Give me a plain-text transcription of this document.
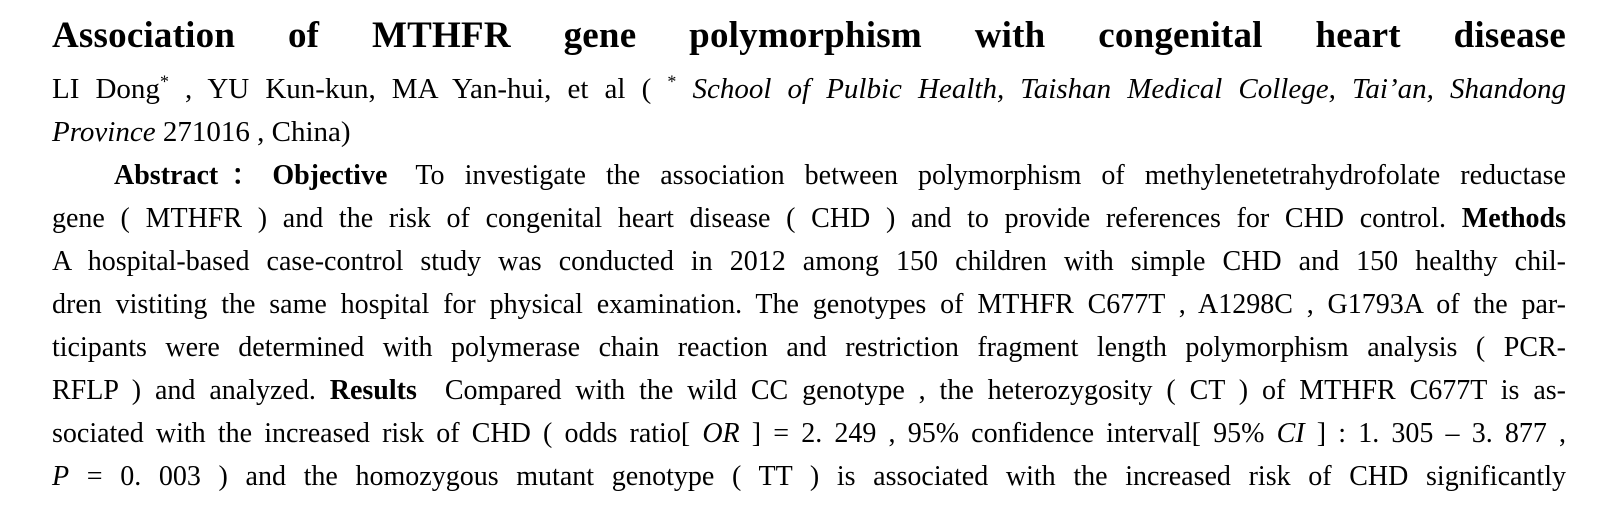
Association of MTHFR gene polymorphism with congenital heart disease
LI Dong* , YU Kun-kun, MA Yan-hui, et al ( * School of Pulbic Health, Taishan Medical College, Tai’an, Shandong
Province 271016 , China)
Abstract：Objective To investigate the association between polymorphism of methylenetetrahydrofolate reductase
gene ( MTHFR ) and the risk of congenital heart disease ( CHD ) and to provide references for CHD control. Methods
A hospital-based case-control study was conducted in 2012 among 150 children with simple CHD and 150 healthy chil-
dren vistiting the same hospital for physical examination. The genotypes of MTHFR C677T , A1298C , G1793A of the par-
ticipants were determined with polymerase chain reaction and restriction fragment length polymorphism analysis ( PCR-
RFLP ) and analyzed. Results Compared with the wild CC genotype , the heterozygosity ( CT ) of MTHFR C677T is as-
sociated with the increased risk of CHD ( odds ratio[ OR ] = 2. 249 , 95% confidence interval[ 95% CI ] : 1. 305 – 3. 877 ,
P = 0. 003 ) and the homozygous mutant genotype ( TT ) is associated with the increased risk of CHD significantly
